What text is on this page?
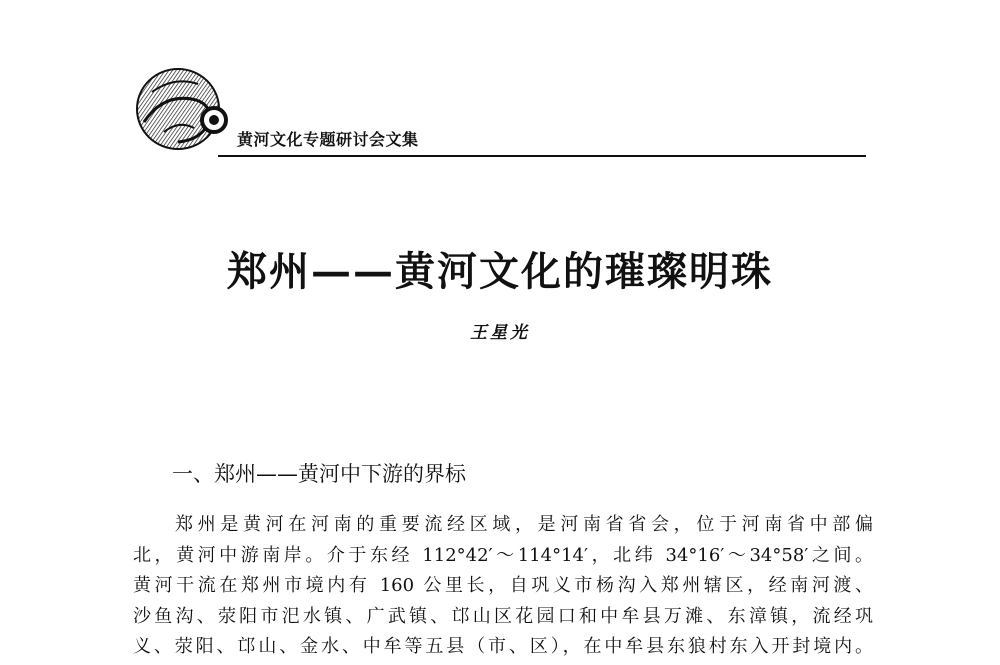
黄河文化专题研讨会文集
郑州——黄河文化的璀璨明珠
王星光
一、郑州——黄河中下游的界标
郑州是黄河在河南的重要流经区域，是河南省省会，位于河南省中部偏
北，黄河中游南岸。介于东经 112°42′～114°14′，北纬 34°16′～34°58′之间。
黄河干流在郑州市境内有 160 公里长，自巩义市杨沟入郑州辖区，经南河渡、
沙鱼沟、荥阳市汜水镇、广武镇、邙山区花园口和中牟县万滩、东漳镇，流经巩
义、荥阳、邙山、金水、中牟等五县（市、区），在中牟县东狼村东入开封境内。
